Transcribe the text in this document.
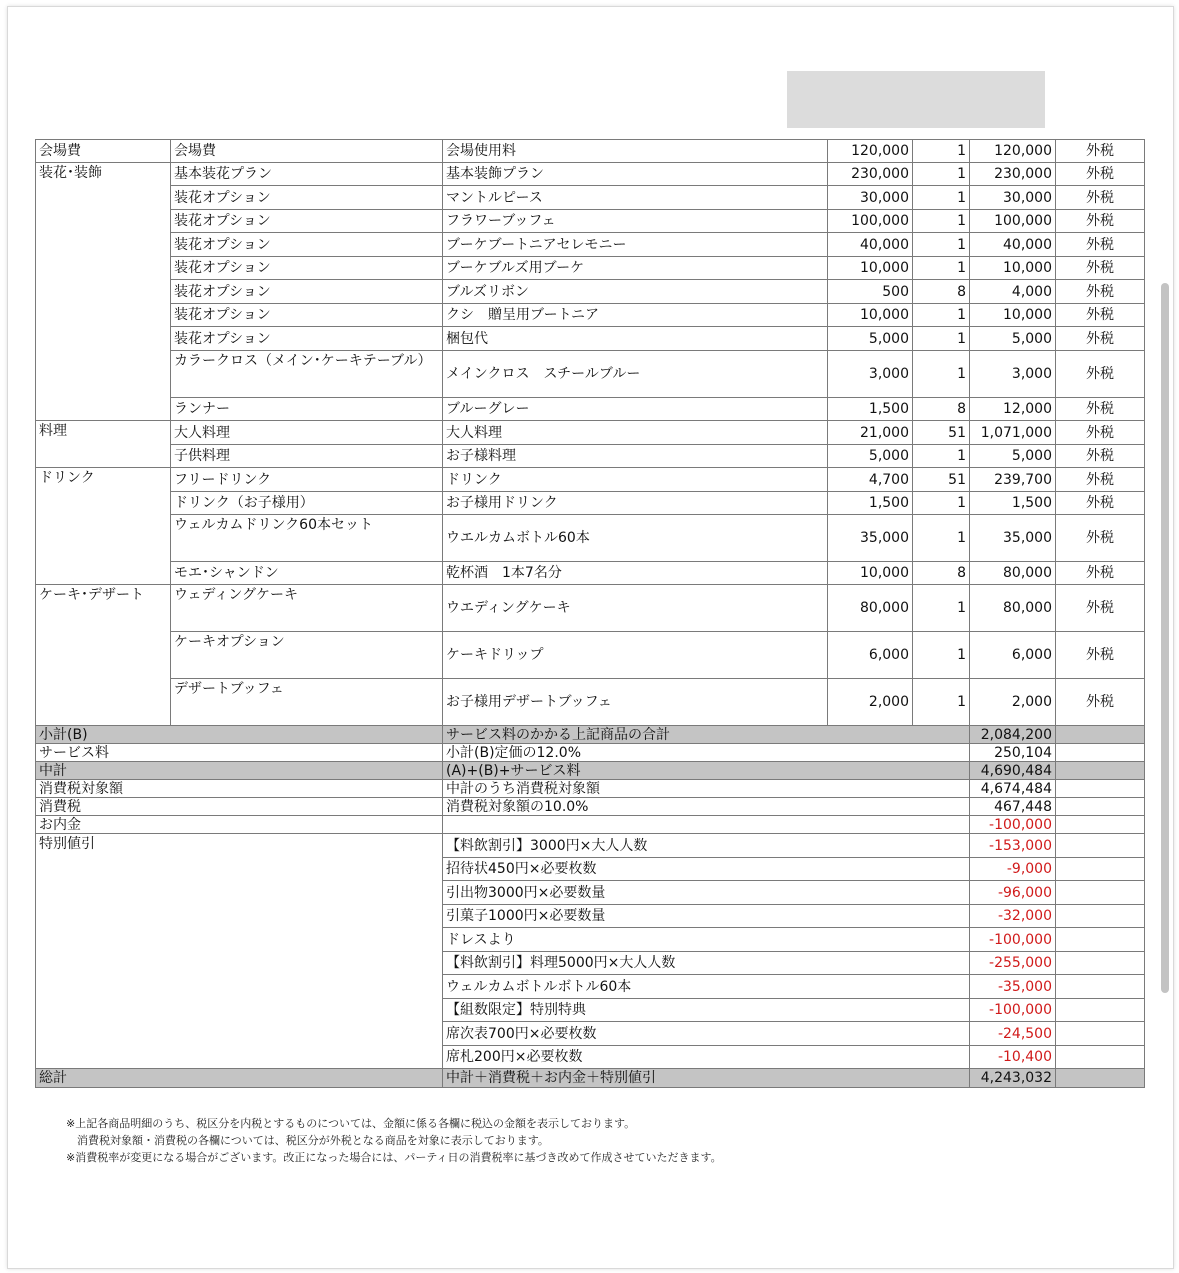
会場費	会場費	会場使用料	120,000	1	120,000	外税
装花･装飾	基本装花プラン	基本装飾プラン	230,000	1	230,000	外税
	装花オプション	マントルピース	30,000	1	30,000	外税
	装花オプション	フラワーブッフェ	100,000	1	100,000	外税
	装花オプション	ブーケブートニアセレモニー	40,000	1	40,000	外税
	装花オプション	ブーケブルズ用ブーケ	10,000	1	10,000	外税
	装花オプション	ブルズリボン	500	8	4,000	外税
	装花オプション	クシ　贈呈用ブートニア	10,000	1	10,000	外税
	装花オプション	梱包代	5,000	1	5,000	外税
	カラークロス（メイン･ケーキテーブル）	メインクロス　スチールブルー	3,000	1	3,000	外税
	ランナー	ブルーグレー	1,500	8	12,000	外税
料理	大人料理	大人料理	21,000	51	1,071,000	外税
	子供料理	お子様料理	5,000	1	5,000	外税
ドリンク	フリードリンク	ドリンク	4,700	51	239,700	外税
	ドリンク（お子様用）	お子様用ドリンク	1,500	1	1,500	外税
	ウェルカムドリンク60本セット	ウエルカムボトル60本	35,000	1	35,000	外税
	モエ･シャンドン	乾杯酒　1本7名分	10,000	8	80,000	外税
ケーキ･デザート	ウェディングケーキ	ウエディングケーキ	80,000	1	80,000	外税
	ケーキオプション	ケーキドリップ	6,000	1	6,000	外税
	デザートブッフェ	お子様用デザートブッフェ	2,000	1	2,000	外税
小計(B)		サービス料のかかる上記商品の合計			2,084,200	
サービス料		小計(B)定価の12.0%			250,104	
中計		(A)+(B)+サービス料			4,690,484	
消費税対象額		中計のうち消費税対象額			4,674,484	
消費税		消費税対象額の10.0%			467,448	
お内金					-100,000	
特別値引		【料飲割引】3000円×大人人数			-153,000	
		招待状450円×必要枚数			-9,000	
		引出物3000円×必要数量			-96,000	
		引菓子1000円×必要数量			-32,000	
		ドレスより			-100,000	
		【料飲割引】料理5000円×大人人数			-255,000	
		ウェルカムボトルボトル60本			-35,000	
		【組数限定】特別特典			-100,000	
		席次表700円×必要枚数			-24,500	
		席札200円×必要枚数			-10,400	
総計		中計＋消費税＋お内金＋特別値引			4,243,032	
※上記各商品明細のうち、税区分を内税とするものについては、金額に係る各欄に税込の金額を表示しております。
　消費税対象額・消費税の各欄については、税区分が外税となる商品を対象に表示しております。
※消費税率が変更になる場合がございます。改正になった場合には、パーティ日の消費税率に基づき改めて作成させていただきます。
